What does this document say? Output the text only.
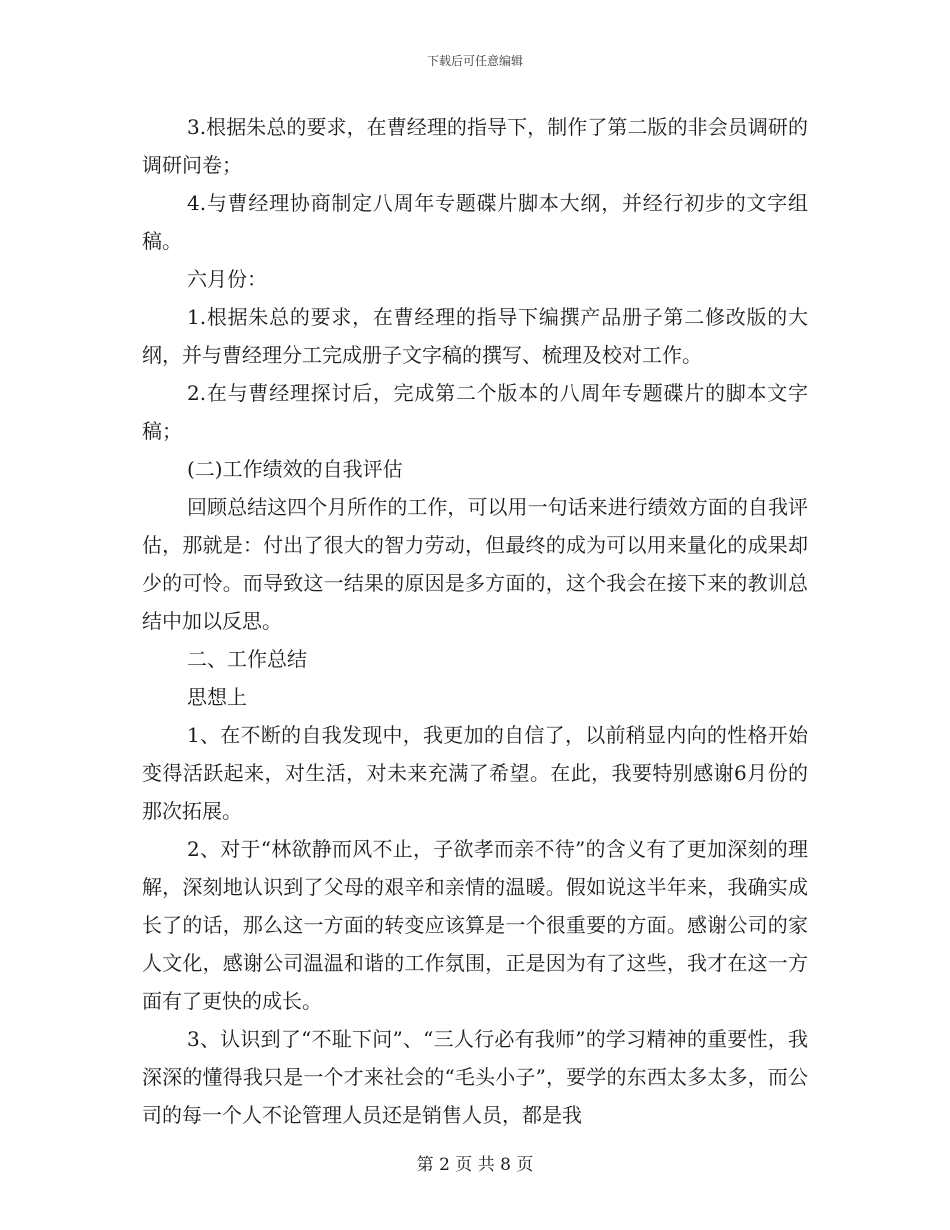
下载后可任意编辑

3.根据朱总的要求，在曹经理的指导下，制作了第二版的非会员调研的调研问卷；

4.与曹经理协商制定八周年专题碟片脚本大纲，并经行初步的文字组稿。

六月份：

1.根据朱总的要求，在曹经理的指导下编撰产品册子第二修改版的大纲，并与曹经理分工完成册子文字稿的撰写、梳理及校对工作。

2.在与曹经理探讨后，完成第二个版本的八周年专题碟片的脚本文字稿；

(二)工作绩效的自我评估

回顾总结这四个月所作的工作，可以用一句话来进行绩效方面的自我评估，那就是：付出了很大的智力劳动，但最终的成为可以用来量化的成果却少的可怜。而导致这一结果的原因是多方面的，这个我会在接下来的教训总结中加以反思。

二、工作总结

思想上

1、在不断的自我发现中，我更加的自信了，以前稍显内向的性格开始变得活跃起来，对生活，对未来充满了希望。在此，我要特别感谢6月份的那次拓展。

2、对于“林欲静而风不止，子欲孝而亲不待”的含义有了更加深刻的理解，深刻地认识到了父母的艰辛和亲情的温暖。假如说这半年来，我确实成长了的话，那么这一方面的转变应该算是一个很重要的方面。感谢公司的家人文化，感谢公司温温和谐的工作氛围，正是因为有了这些，我才在这一方面有了更快的成长。

3、认识到了“不耻下问”、“三人行必有我师”的学习精神的重要性，我深深的懂得我只是一个才来社会的“毛头小子”，要学的东西太多太多，而公司的每一个人不论管理人员还是销售人员，都是我

第 2 页 共 8 页
